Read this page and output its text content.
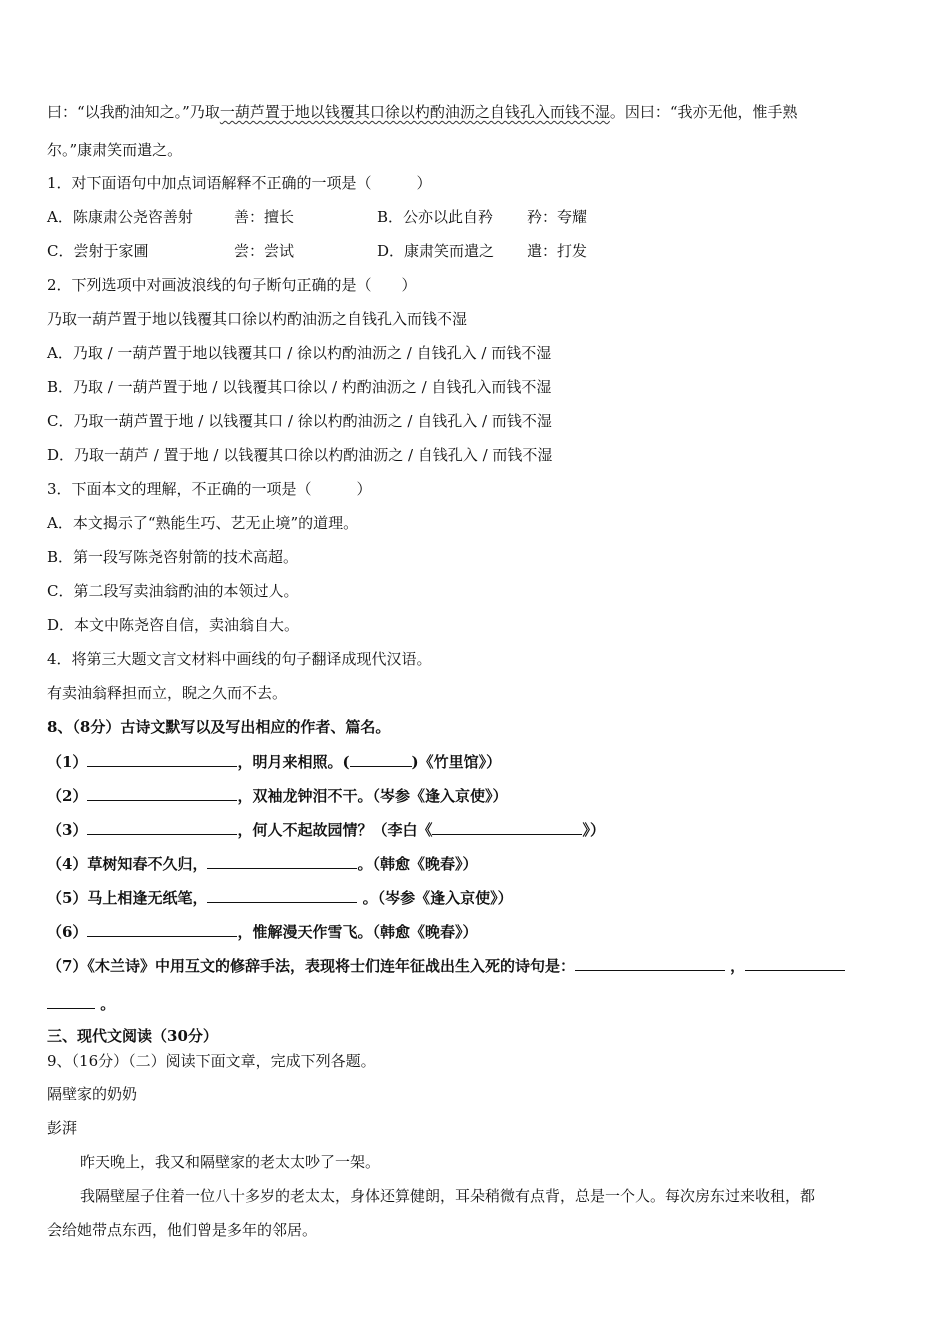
曰：“以我酌油知之。”乃取一葫芦置于地以钱覆其口徐以杓酌油沥之自钱孔入而钱不湿。因曰：“我亦无他，惟手熟
尔。”康肃笑而遣之。
1．对下面语句中加点词语解释不正确的一项是（　　　）
A．陈康肃公尧咨善射	善：擅长	B．公亦以此自矜 矜：夸耀
C．尝射于家圃	尝：尝试	D．康肃笑而遣之 遣：打发
2．下列选项中对画波浪线的句子断句正确的是（　　）
乃取一葫芦置于地以钱覆其口徐以杓酌油沥之自钱孔入而钱不湿
A．乃取 / 一葫芦置于地以钱覆其口 / 徐以杓酌油沥之 / 自钱孔入 / 而钱不湿
B．乃取 / 一葫芦置于地 / 以钱覆其口徐以 / 杓酌油沥之 / 自钱孔入而钱不湿
C．乃取一葫芦置于地 / 以钱覆其口 / 徐以杓酌油沥之 / 自钱孔入 / 而钱不湿
D．乃取一葫芦 / 置于地 / 以钱覆其口徐以杓酌油沥之 / 自钱孔入 / 而钱不湿
3．下面本文的理解，不正确的一项是（　　　）
A．本文揭示了“熟能生巧、艺无止境”的道理。
B．第一段写陈尧咨射箭的技术高超。
C．第二段写卖油翁酌油的本领过人。
D．本文中陈尧咨自信，卖油翁自大。
4．将第三大题文言文材料中画线的句子翻译成现代汉语。
有卖油翁释担而立，睨之久而不去。
8、（8分）古诗文默写以及写出相应的作者、篇名。
（1）	，明月来相照。(	)《竹里馆》）
（2）	，双袖龙钟泪不干。（岑参《逢入京使》）
（3）	，何人不起故园情？（李白《	》）
（4）草树知春不久归，	。（韩愈《晚春》）
（5）马上相逢无纸笔，	。（岑参《逢入京使》）
（6）	，惟解漫天作雪飞。（韩愈《晚春》）
（7）《木兰诗》中用互文的修辞手法，表现将士们连年征战出生入死的诗句是：	，
。
三、现代文阅读（30分）
9、（16分）（二）阅读下面文章，完成下列各题。
隔壁家的奶奶
彭湃
昨天晚上，我又和隔壁家的老太太吵了一架。
我隔壁屋子住着一位八十多岁的老太太，身体还算健朗，耳朵稍微有点背，总是一个人。每次房东过来收租，都
会给她带点东西，他们曾是多年的邻居。
